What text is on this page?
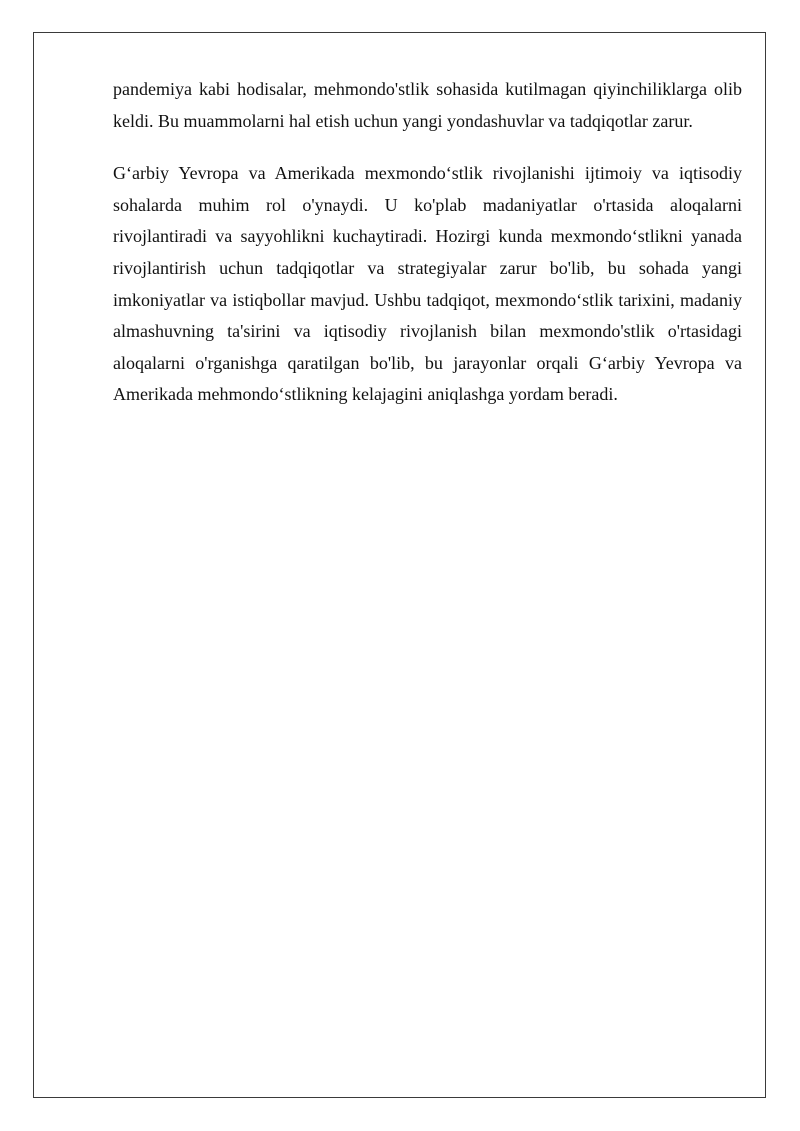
pandemiya kabi hodisalar, mehmondo'stlik sohasida kutilmagan qiyinchiliklarga olib keldi. Bu muammolarni hal etish uchun yangi yondashuvlar va tadqiqotlar zarur.

G‘arbiy Yevropa va Amerikada mexmondo‘stlik rivojlanishi ijtimoiy va iqtisodiy sohalarda muhim rol o'ynaydi. U ko'plab madaniyatlar o'rtasida aloqalarni rivojlantiradi va sayyohlikni kuchaytiradi. Hozirgi kunda mexmondo‘stlikni yanada rivojlantirish uchun tadqiqotlar va strategiyalar zarur bo'lib, bu sohada yangi imkoniyatlar va istiqbollar mavjud. Ushbu tadqiqot, mexmondo‘stlik tarixini, madaniy almashuvning ta'sirini va iqtisodiy rivojlanish bilan mexmondo'stlik o'rtasidagi aloqalarni o'rganishga qaratilgan bo'lib, bu jarayonlar orqali G‘arbiy Yevropa va Amerikada mehmondo‘stlikning kelajagini aniqlashga yordam beradi.
